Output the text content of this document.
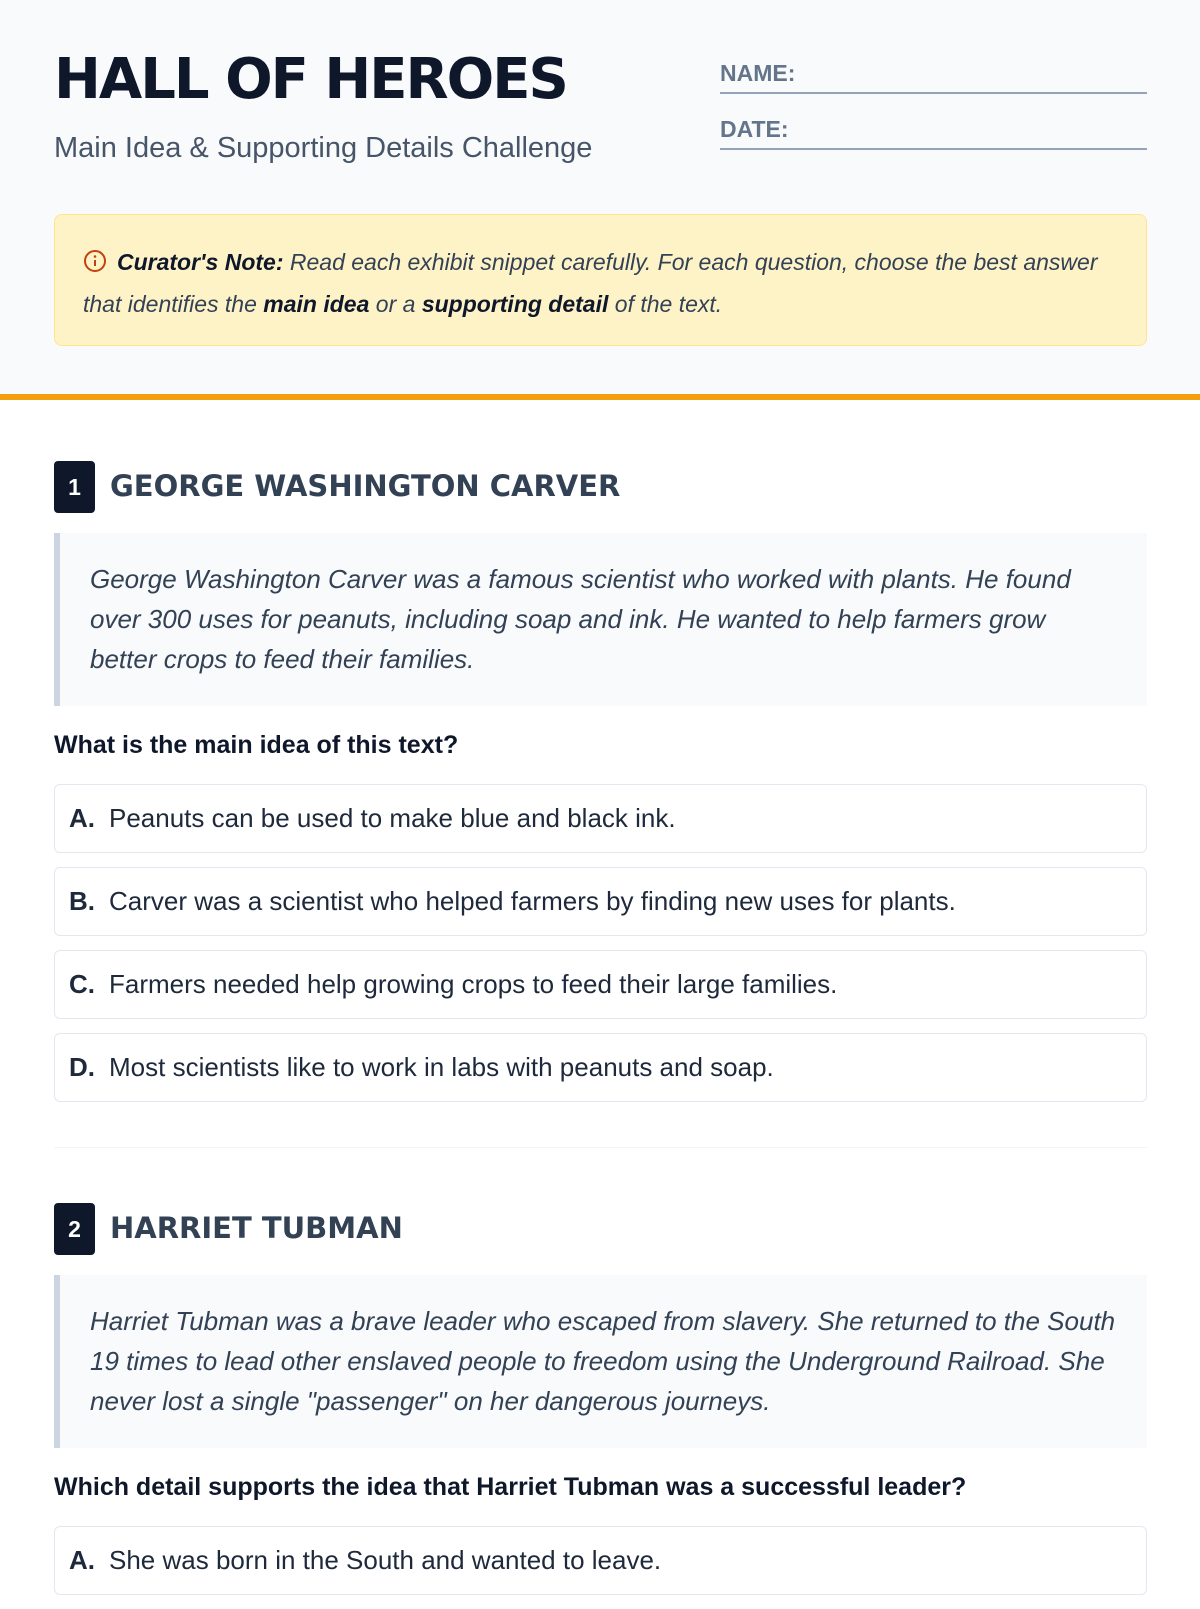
HALL OF HEROES

Main Idea & Supporting Details Challenge

NAME:
DATE:
Curator's Note: Read each exhibit snippet carefully. For each question, choose the best answer that identifies the main idea or a supporting detail of the text.
1	GEORGE WASHINGTON CARVER
George Washington Carver was a famous scientist who worked with plants. He found over 300 uses for peanuts, including soap and ink. He wanted to help farmers grow better crops to feed their families.

What is the main idea of this text?

A. Peanuts can be used to make blue and black ink.
B. Carver was a scientist who helped farmers by finding new uses for plants.
C. Farmers needed help growing crops to feed their large families.
D. Most scientists like to work in labs with peanuts and soap.
2	HARRIET TUBMAN
Harriet Tubman was a brave leader who escaped from slavery. She returned to the South 19 times to lead other enslaved people to freedom using the Underground Railroad. She never lost a single "passenger" on her dangerous journeys.

Which detail supports the idea that Harriet Tubman was a successful leader?

A. She was born in the South and wanted to leave.
